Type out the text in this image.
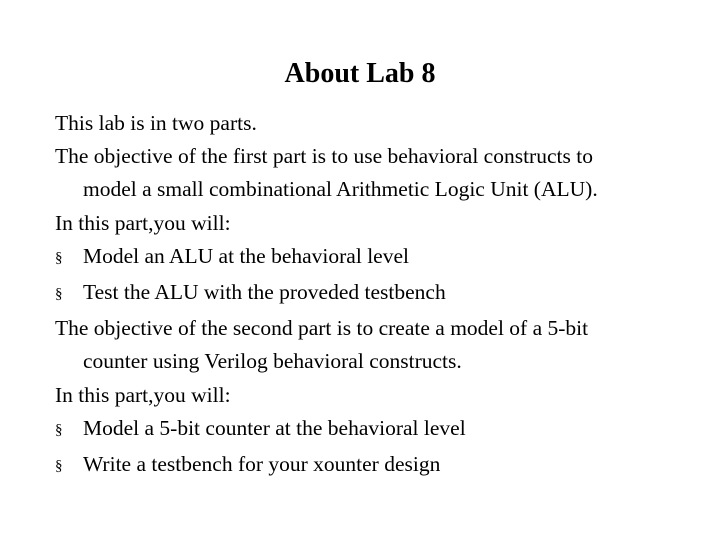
About Lab 8
This lab is in two parts.
The objective of the first part is to use behavioral constructs to
model a small combinational Arithmetic Logic Unit (ALU).
In this part,you will:
§ Model an ALU at the behavioral level
§ Test the ALU with the proveded testbench
The objective of the second part is to create a model of a 5-bit
counter using Verilog behavioral constructs.
In this part,you will:
§ Model a 5-bit counter at the behavioral level
§ Write a testbench for your xounter design
